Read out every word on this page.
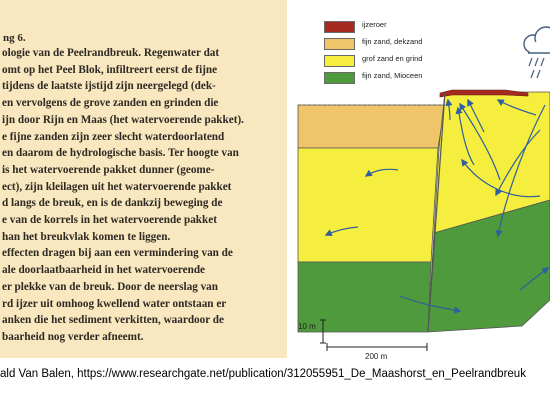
ng 6.
ologie van de Peelrandbreuk. Regenwater dat
omt op het Peel Blok, infiltreert eerst de fijne
tijdens de laatste ijstijd zijn neergelegd (dek-
en vervolgens de grove zanden en grinden die
ijn door Rijn en Maas (het watervoerende pakket).
e fijne zanden zijn zeer slecht waterdoorlatend
en daarom de hydrologische basis. Ter hoogte van
is het watervoerende pakket dunner (geome-
ect), zijn kleilagen uit het watervoerende pakket
d langs de breuk, en is de dankzij beweging de
e van de korrels in het watervoerende pakket
han het breukvlak komen te liggen.
effecten dragen bij aan een vermindering van de
ale doorlaatbaarheid in het watervoerende
er plekke van de breuk. Door de neerslag van
rd ijzer uit omhoog kwellend water ontstaan er
anken die het sediment verkitten, waardoor de
baarheid nog verder afneemt.
ijzeroer
fijn zand, dekzand
grof zand en grind
fijn zand, Mioceen
10 m
200 m
ald Van Balen, https://www.researchgate.net/publication/312055951_De_Maashorst_en_Peelrandbreuk
